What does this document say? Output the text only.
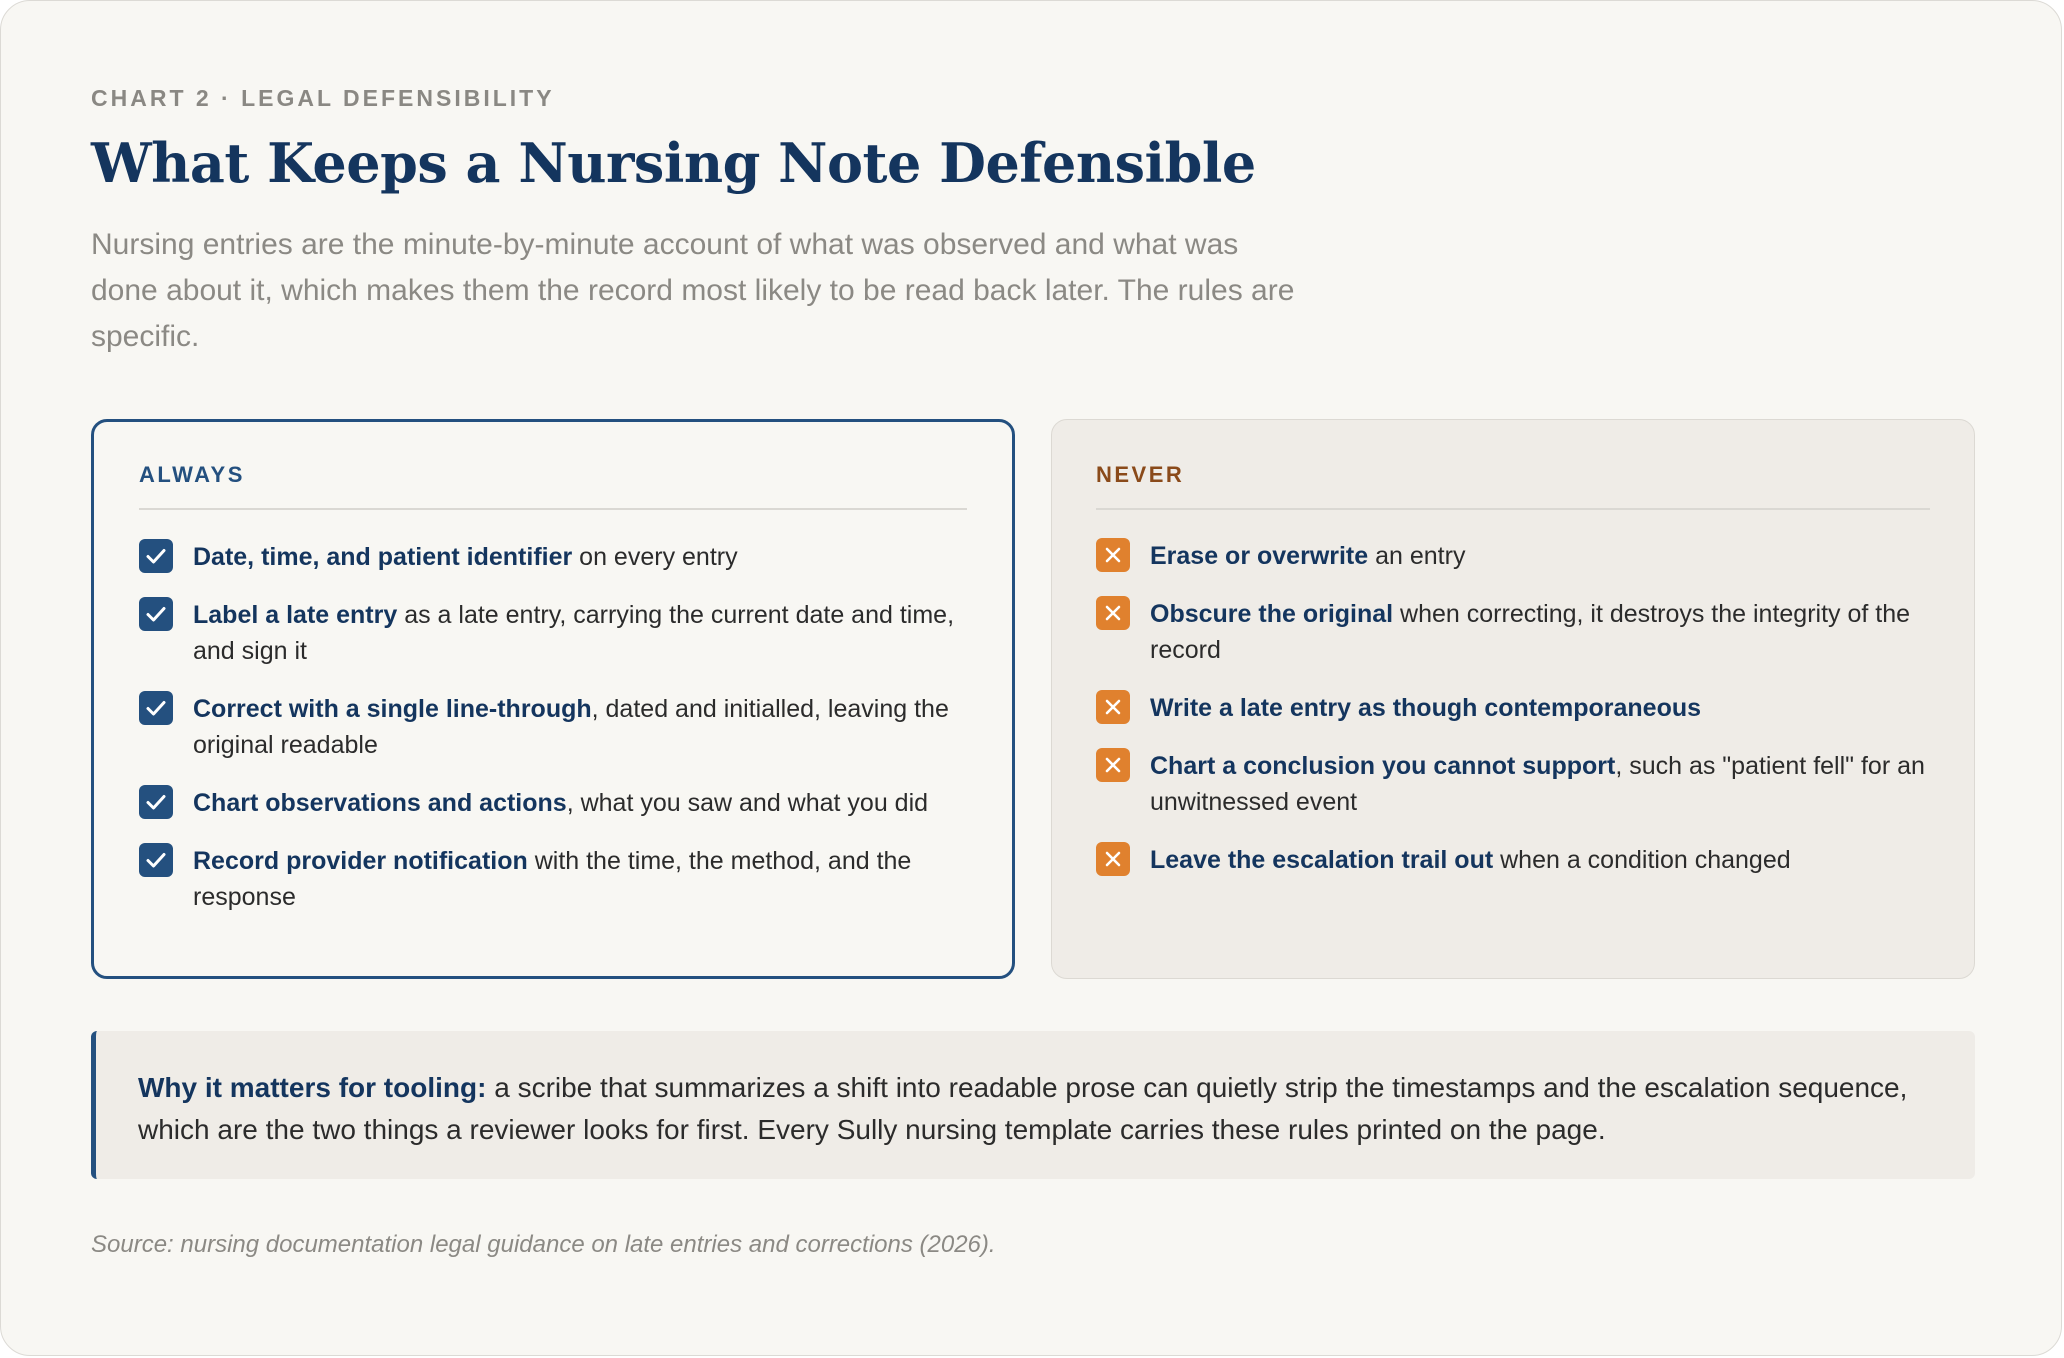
CHART 2 · LEGAL DEFENSIBILITY
What Keeps a Nursing Note Defensible

Nursing entries are the minute-by-minute account of what was observed and what was done about it, which makes them the record most likely to be read back later. The rules are specific.

ALWAYS
Date, time, and patient identifier on every entry
Label a late entry as a late entry, carrying the current date and time, and sign it
Correct with a single line-through, dated and initialled, leaving the original readable
Chart observations and actions, what you saw and what you did
Record provider notification with the time, the method, and the response
NEVER
Erase or overwrite an entry
Obscure the original when correcting, it destroys the integrity of the record
Write a late entry as though contemporaneous
Chart a conclusion you cannot support, such as "patient fell" for an unwitnessed event
Leave the escalation trail out when a condition changed
Why it matters for tooling: a scribe that summarizes a shift into readable prose can quietly strip the timestamps and the escalation sequence, which are the two things a reviewer looks for first. Every Sully nursing template carries these rules printed on the page.
Source: nursing documentation legal guidance on late entries and corrections (2026).
